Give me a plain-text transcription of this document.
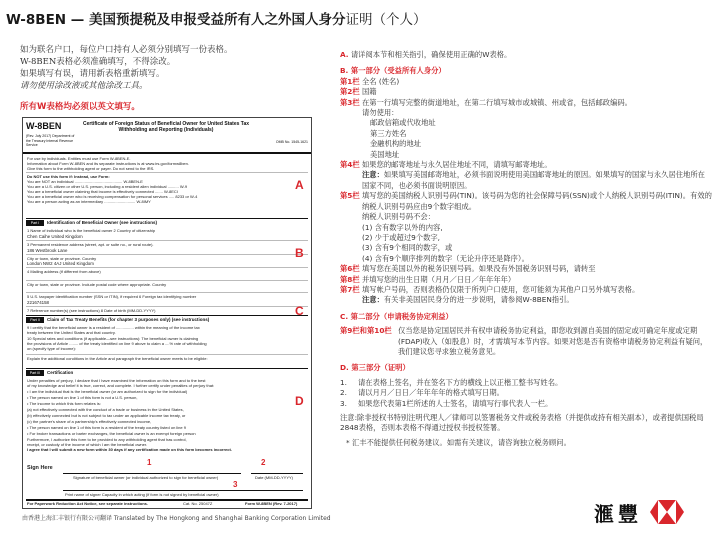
W-8BEN — 美国预提税及申报受益所有人之外国人身分证明（个人）
如为联名户口，每位户口持有人必须分别填写一份表格。
W-8BEN表格必须准确填写，不得涂改。
如果填写有误，请用新表格重新填写。
请勿使用涂改液或其他涂改工具。
所有W表格均必须以英文填写。
W-8BEN
(Rev. July 2017) Department of the Treasury Internal Revenue Service
Certificate of Foreign Status of Beneficial Owner for United States Tax Withholding and Reporting (Individuals)
OMB No. 1545-1621
For use by individuals. Entities must use Form W-8BEN-E.
Information about Form W-8BEN and its separate instructions is at www.irs.gov/formw8ben.
Give this form to the withholding agent or payer. Do not send to the IRS.
Do NOT use this form if: Instead, use Form:
You are NOT an individual ........................................... W-8BEN-E
You are a U.S. citizen or other U.S. person, including a resident alien individual .......... W-9
You are a beneficial owner claiming that income is effectively connected ....... W-8ECI
You are a beneficial owner who is receiving compensation for personal services ..... 8233 or W-4
You are a person acting as an intermediary ............................ W-8IMY
A
Part I	Identification of Beneficial Owner (see instructions)
1 Name of individual who is the beneficial owner 2 Country of citizenship
Chen Caihe United Kingdom
3 Permanent residence address (street, apt. or suite no., or rural route).
186 Westbrook Lane
City or town, state or province. Country
London NW2 4AJ United Kingdom
4 Mailing address (if different from above)
City or town, state or province. Include postal code where appropriate. Country
5 U.S. taxpayer identification number (SSN or ITIN), if required 6 Foreign tax identifying number
221674158
7 Reference number(s) (see instructions) 8 Date of birth (MM-DD-YYYY)
B
Part II	Claim of Tax Treaty Benefits (for chapter 3 purposes only) (see instructions)
9 I certify that the beneficial owner is a resident of ................ within the meaning of the income tax
treaty between the United States and that country.
10 Special rates and conditions (if applicable—see instructions): The beneficial owner is claiming
the provisions of Article ........ of the treaty identified on line 9 above to claim a ....% rate of withholding
on (specify type of income):
Explain the additional conditions in the Article and paragraph the beneficial owner meets to be eligible:
C
Part III	Certification
Under penalties of perjury, I declare that I have examined the information on this form and to the best
of my knowledge and belief it is true, correct, and complete. I further certify under penalties of perjury that:
• I am the individual that is the beneficial owner (or am authorized to sign for the individual)
• The person named on line 1 of this form is not a U.S. person,
• The income to which this form relates is:
(a) not effectively connected with the conduct of a trade or business in the United States,
(b) effectively connected but is not subject to tax under an applicable income tax treaty, or
(c) the partner's share of a partnership's effectively connected income,
• The person named on line 1 of this form is a resident of the treaty country listed on line 9
• For broker transactions or barter exchanges, the beneficial owner is an exempt foreign person
Furthermore, I authorize this form to be provided to any withholding agent that has control,
receipt, or custody of the income of which I am the beneficial owner.
I agree that I will submit a new form within 30 days if any certification made on this form becomes incorrect.
D
1	2
Sign Here
Signature of beneficial owner (or individual authorized to sign for beneficial owner)	Date (MM-DD-YYYY)
3
Print name of signer Capacity in which acting (if form is not signed by beneficial owner)
For Paperwork Reduction Act Notice, see separate instructions.	Cat. No. 25047Z	Form W-8BEN (Rev. 7-2017)
由香港上海汇丰银行有限公司翻译 Translated by The Hongkong and Shanghai Banking Corporation Limited
A. 请详阅本节和相关指引，确保使用正确的W表格。
B. 第一部分（受益所有人身分）
第1栏 全名 (姓名)
第2栏 国籍
第3栏 在第一行填写完整的街道地址，在第二行填写城市或城镇、州或省，包括邮政编码。
请勿使用：
邮政信箱或代收地址
第三方姓名
金融机构的地址
美国地址
第4栏 如果您的邮寄地址与永久居住地址不同，请填写邮寄地址。
注意：如果填写美国邮寄地址，必须书面说明使用美国邮寄地址的原因。如果填写的国家与永久居住地所在国家不同，也必须书面说明原因。
第5栏 填写您的美国纳税人识别号码(TIN)。该号码为您的社会保障号码(SSN)或个人纳税人识别号码(ITIN)。有效的纳税人识别号码应由9个数字组成。
纳税人识别号码不会：
(1) 含有数字以外的内容,
(2) 少于或超过9个数字,
(3) 含有9个相同的数字，或
(4) 含有9个顺序排列的数字（无论升序还是降序）。
第6栏 填写您在美国以外的税务识别号码。如果没有外国税务识别号码，请转至
第8栏 并填写您的出生日期（月月／日日／年年年年）
第7栏 填写帐户号码，否则表格仍仅限于所列户口使用，您可能须为其他户口另外填写表格。
注意：有关非美国居民身分的进一步说明，请参阅W-8BEN指引。
C. 第二部分（申请税务协定利益）
第9栏和第10栏 仅当您是协定国居民并有权申请税务协定利益，即您收到源自美国的固定或可确定年度或定期(FDAP)收入（如股息）时，才需填写本节内容。如果对您是否有资格申请税务协定利益有疑问，我们建议您寻求独立税务意见。
D. 第三部分（证明）
1.	请在表格上签名，并在签名下方的横线上以正楷工整书写姓名。
2.	请以月月／日日／年年年年的格式填写日期。
3.	如果您代表第1栏所述的人士签名，请填写行事代表人一栏。
注意:除非授权书特别注明代理人／律师可以签署税务文件或税务表格（并提供或持有相关副本），或者提供国税局2848表格，否则本表格不得通过授权书授权签署。
* 汇丰不能提供任何税务建议。如需有关建议，请咨询独立税务顾问。
滙豐
